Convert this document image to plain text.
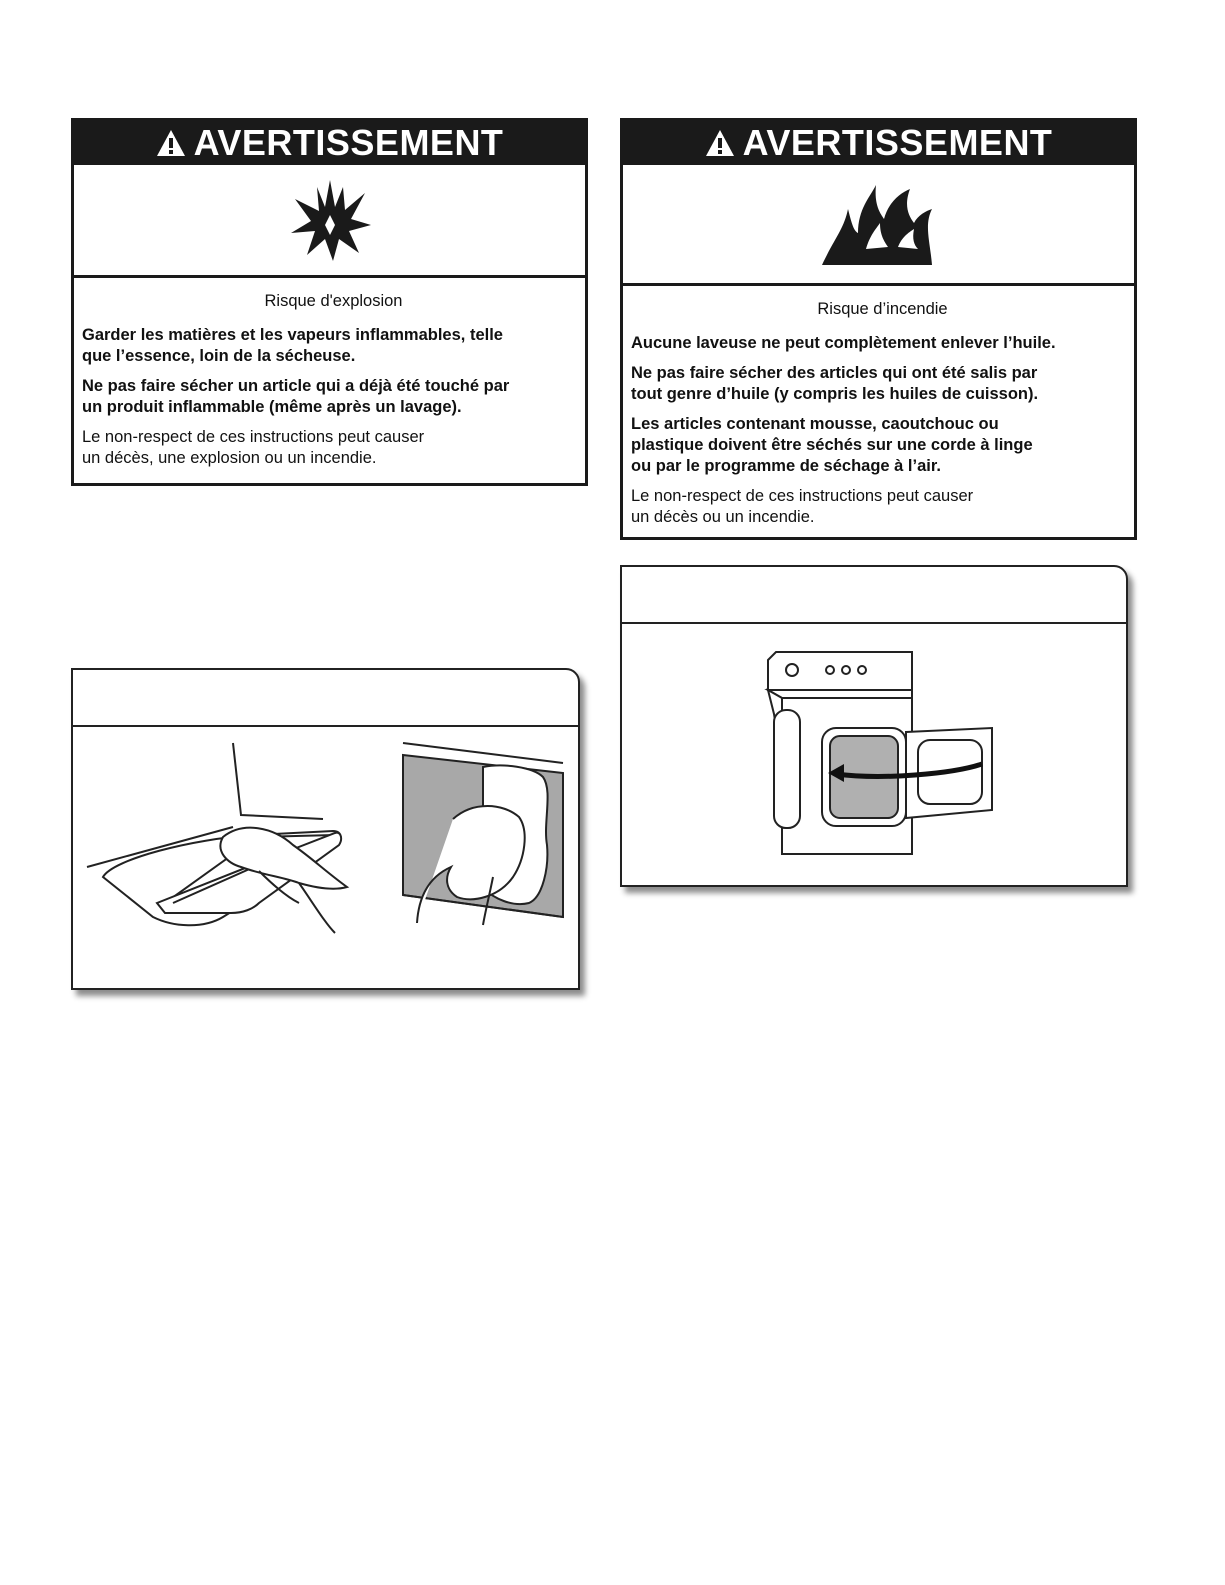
AVERTISSEMENT
Risque d'explosion

Garder les matières et les vapeurs inflammables, telle
que l’essence, loin de la sécheuse.

Ne pas faire sécher un article qui a déjà été touché par
un produit inflammable (même après un lavage).

Le non-respect de ces instructions peut causer
un décès, une explosion ou un incendie.

AVERTISSEMENT
Risque d’incendie

Aucune laveuse ne peut complètement enlever l’huile.

Ne pas faire sécher des articles qui ont été salis par
tout genre d’huile (y compris les huiles de cuisson).

Les articles contenant mousse, caoutchouc ou
plastique doivent être séchés sur une corde à linge
ou par le programme de séchage à l’air.

Le non-respect de ces instructions peut causer
un décès ou un incendie.
